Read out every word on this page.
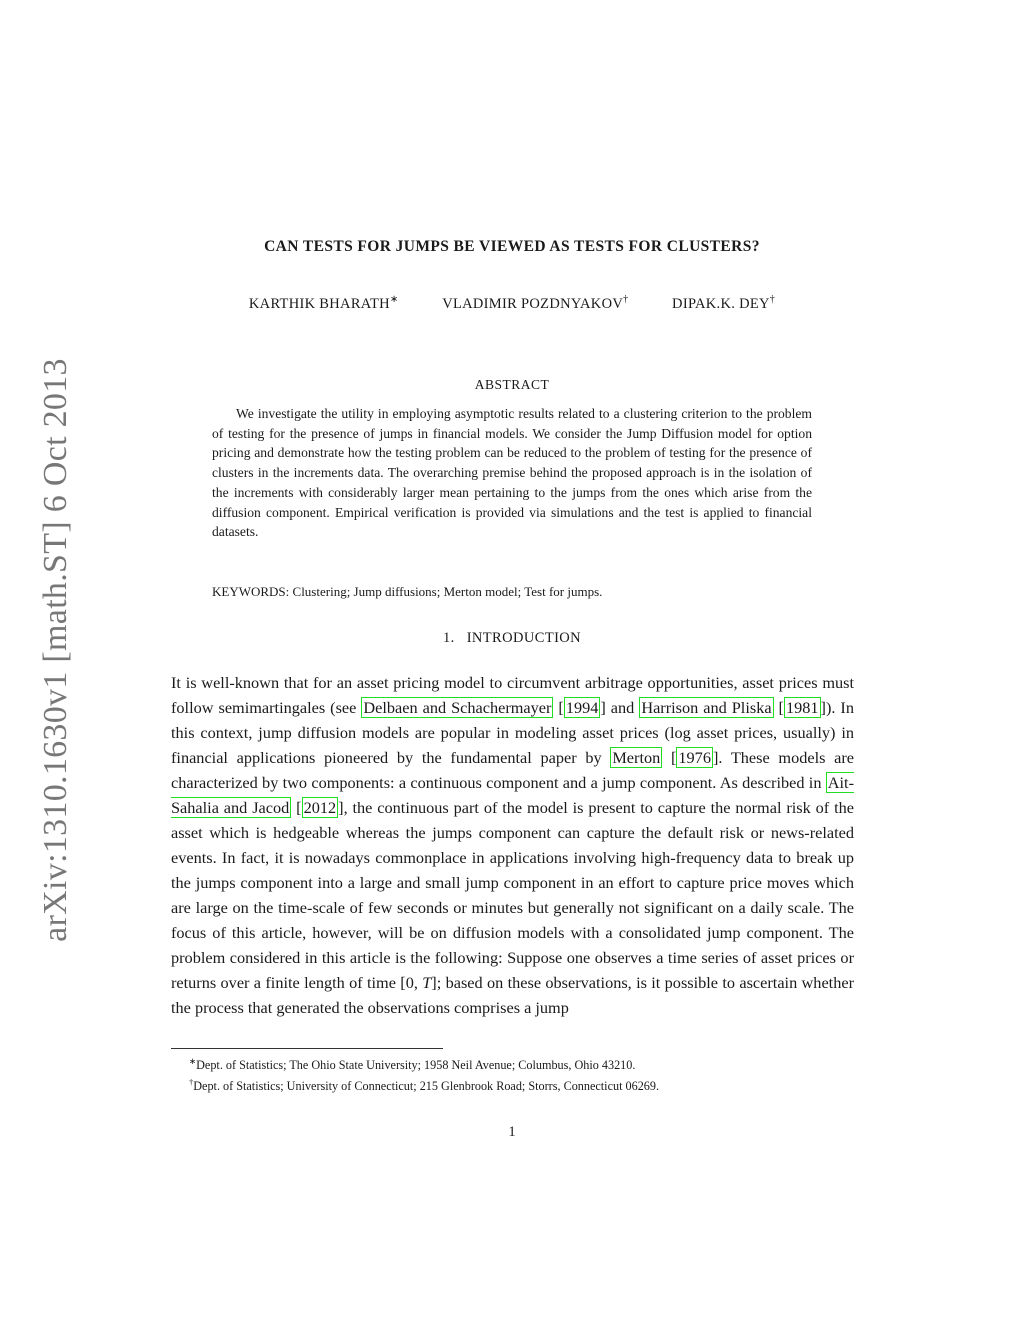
arXiv:1310.1630v1 [math.ST] 6 Oct 2013
CAN TESTS FOR JUMPS BE VIEWED AS TESTS FOR CLUSTERS?
KARTHIK BHARATH∗	VLADIMIR POZDNYAKOV†	DIPAK.K. DEY†
ABSTRACT
We investigate the utility in employing asymptotic results related to a clustering criterion to the problem of testing for the presence of jumps in financial models. We consider the Jump Diffusion model for option pricing and demonstrate how the testing problem can be reduced to the problem of testing for the presence of clusters in the increments data. The overarching premise behind the proposed approach is in the isolation of the increments with considerably larger mean pertaining to the jumps from the ones which arise from the diffusion component. Empirical verification is provided via simulations and the test is applied to financial datasets.
KEYWORDS: Clustering; Jump diffusions; Merton model; Test for jumps.
1. INTRODUCTION
It is well-known that for an asset pricing model to circumvent arbitrage opportunities, asset prices must follow semimartingales (see Delbaen and Schachermayer [ 1994 ] and Harrison and Pliska [ 1981 ]). In this context, jump diffusion models are popular in modeling asset prices (log asset prices, usually) in financial applications pioneered by the fundamental paper by Merton [ 1976 ]. These models are characterized by two components: a continuous component and a jump component. As described in Ait-Sahalia and Jacod [ 2012 ], the continuous part of the model is present to capture the normal risk of the asset which is hedgeable whereas the jumps component can capture the default risk or news-related events. In fact, it is nowadays commonplace in applications involving high-frequency data to break up the jumps component into a large and small jump component in an effort to capture price moves which are large on the time-scale of few seconds or minutes but generally not significant on a daily scale. The focus of this article, however, will be on diffusion models with a consolidated jump component. The problem considered in this article is the following: Suppose one observes a time series of asset prices or returns over a finite length of time [0, T]; based on these observations, is it possible to ascertain whether the process that generated the observations comprises a jump
∗Dept. of Statistics; The Ohio State University; 1958 Neil Avenue; Columbus, Ohio 43210.
†Dept. of Statistics; University of Connecticut; 215 Glenbrook Road; Storrs, Connecticut 06269.
1
